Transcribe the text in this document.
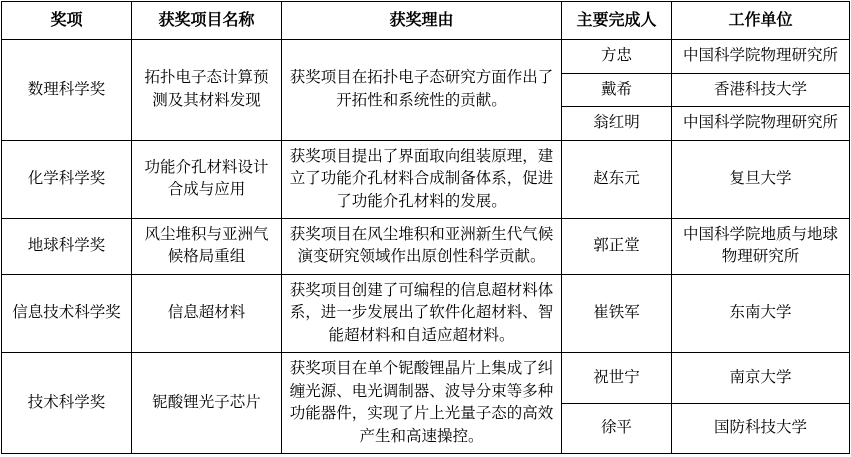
奖项	获奖项目名称	获奖理由	主要完成人	工作单位
数理科学奖	拓扑电子态计算预测及其材料发现	获奖项目在拓扑电子态研究方面作出了开拓性和系统性的贡献。	方忠	中国科学院物理研究所
			戴希	香港科技大学
			翁红明	中国科学院物理研究所
化学科学奖	功能介孔材料设计合成与应用	获奖项目提出了界面取向组装原理，建立了功能介孔材料合成制备体系，促进了功能介孔材料的发展。	赵东元	复旦大学
地球科学奖	风尘堆积与亚洲气候格局重组	获奖项目在风尘堆积和亚洲新生代气候演变研究领域作出原创性科学贡献。	郭正堂	中国科学院地质与地球物理研究所
信息技术科学奖	信息超材料	获奖项目创建了可编程的信息超材料体系，进一步发展出了软件化超材料、智能超材料和自适应超材料。	崔铁军	东南大学
技术科学奖	铌酸锂光子芯片	获奖项目在单个铌酸锂晶片上集成了纠缠光源、电光调制器、波导分束等多种功能器件，实现了片上光量子态的高效产生和高速操控。	祝世宁	南京大学
			徐平	国防科技大学
